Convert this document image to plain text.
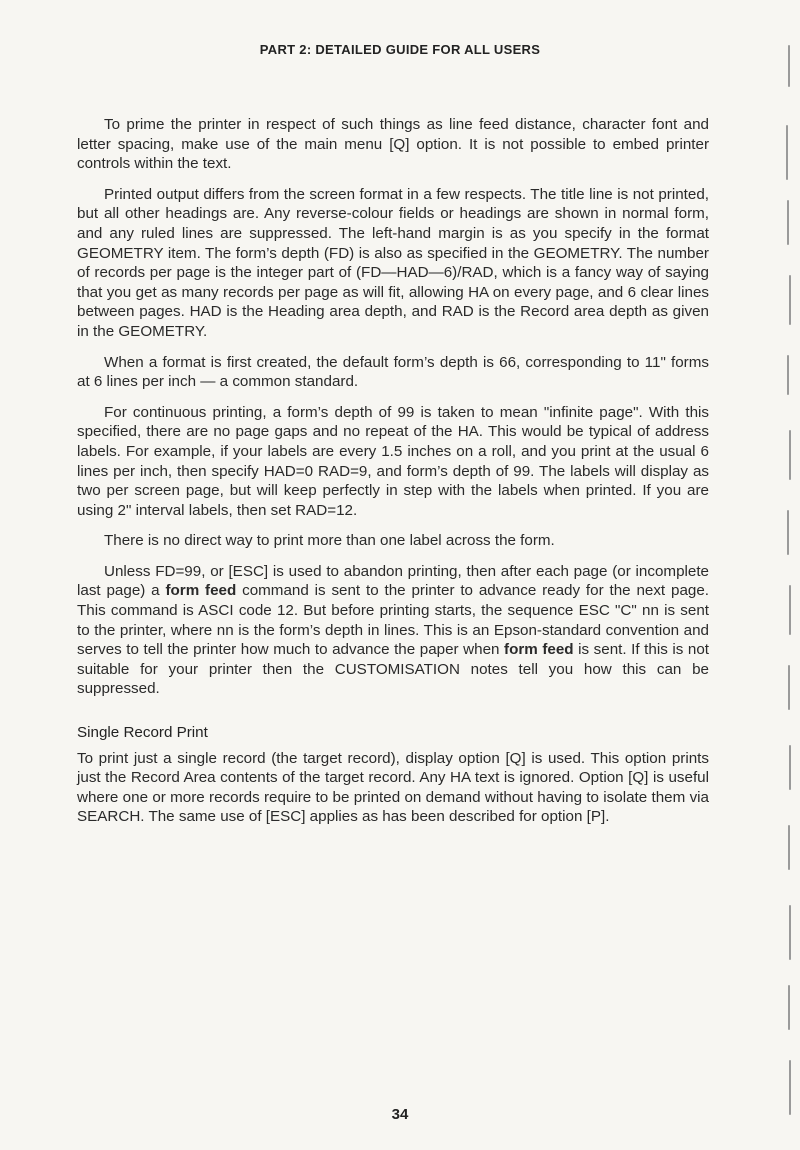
PART 2: DETAILED GUIDE FOR ALL USERS

To prime the printer in respect of such things as line feed distance, character font and letter spacing, make use of the main menu [Q] option. It is not possible to embed printer controls within the text.

Printed output differs from the screen format in a few respects. The title line is not printed, but all other headings are. Any reverse-colour fields or headings are shown in normal form, and any ruled lines are suppressed. The left-hand margin is as you specify in the format GEOMETRY item. The form’s depth (FD) is also as specified in the GEOMETRY. The number of records per page is the integer part of (FD—HAD—6)/RAD, which is a fancy way of saying that you get as many records per page as will fit, allowing HA on every page, and 6 clear lines between pages. HAD is the Heading area depth, and RAD is the Record area depth as given in the GEOMETRY.

When a format is first created, the default form’s depth is 66, corresponding to 11" forms at 6 lines per inch — a common standard.

For continuous printing, a form’s depth of 99 is taken to mean "infinite page". With this specified, there are no page gaps and no repeat of the HA. This would be typical of address labels. For example, if your labels are every 1.5 inches on a roll, and you print at the usual 6 lines per inch, then specify HAD=0 RAD=9, and form’s depth of 99. The labels will display as two per screen page, but will keep perfectly in step with the labels when printed. If you are using 2" interval labels, then set RAD=12.

There is no direct way to print more than one label across the form.

Unless FD=99, or [ESC] is used to abandon printing, then after each page (or incomplete last page) a form feed command is sent to the printer to advance ready for the next page. This command is ASCI code 12. But before printing starts, the sequence ESC "C" nn is sent to the printer, where nn is the form’s depth in lines. This is an Epson-standard convention and serves to tell the printer how much to advance the paper when form feed is sent. If this is not suitable for your printer then the CUSTOMISATION notes tell you how this can be suppressed.

Single Record Print

To print just a single record (the target record), display option [Q] is used. This option prints just the Record Area contents of the target record. Any HA text is ignored. Option [Q] is useful where one or more records require to be printed on demand without having to isolate them via SEARCH. The same use of [ESC] applies as has been described for option [P].

34
